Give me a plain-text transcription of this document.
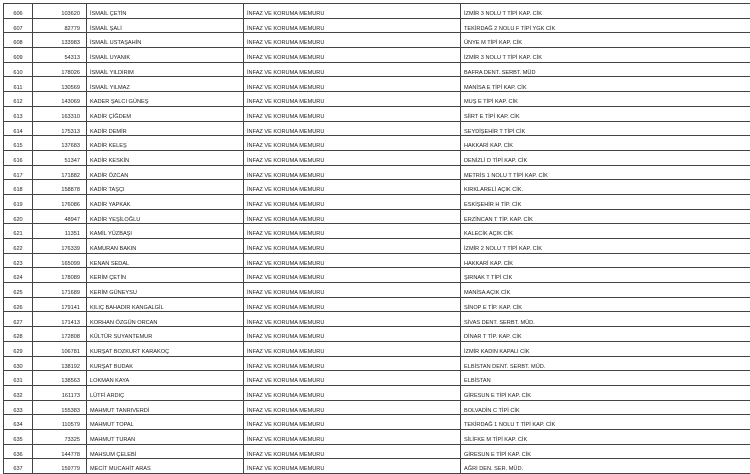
606	103620	İSMAİL ÇETİN	İNFAZ VE KORUMA MEMURU	İZMİR 3 NOLU T TİPİ KAP. CİK
607	82779	İSMAİL ŞALİ	İNFAZ VE KORUMA MEMURU	TEKİRDAĞ 2 NOLU F TİPİ YGK CİK
608	133983	İSMAİL USTAŞAHİN	İNFAZ VE KORUMA MEMURU	ÜNYE M TİPİ KAP. CİK
609	54313	İSMAİL UYANIK	İNFAZ VE KORUMA MEMURU	İZMİR 3 NOLU T TİPİ KAP. CİK
610	178026	İSMAİL YILDIRIM	İNFAZ VE KORUMA MEMURU	BAFRA DENT. SERBT. MÜD
611	130569	İSMAİL YILMAZ	İNFAZ VE KORUMA MEMURU	MANİSA E TİPİ KAP. CİK
612	143069	KADER ŞALCI GÜNEŞ	İNFAZ VE KORUMA MEMURU	MUŞ E TİPİ KAP. CİK
613	163310	KADİR ÇİĞDEM	İNFAZ VE KORUMA MEMURU	SİİRT E TİPİ KAP. CİK
614	175313	KADİR DEMİR	İNFAZ VE KORUMA MEMURU	SEYDİŞEHİR T TİPİ CİK
615	137683	KADİR KELEŞ	İNFAZ VE KORUMA MEMURU	HAKKARİ KAP. CİK
616	51347	KADİR KESKİN	İNFAZ VE KORUMA MEMURU	DENİZLİ D TİPİ KAP. CİK
617	171882	KADİR ÖZCAN	İNFAZ VE KORUMA MEMURU	METRİS 1 NOLU T TİPİ KAP. CİK
618	158878	KADİR TAŞÇI	İNFAZ VE KORUMA MEMURU	KIRKLARELİ AÇIK CİK.
619	176086	KADİR YAPKAK	İNFAZ VE KORUMA MEMURU	ESKİŞEHİR H TİP. CİK
620	48947	KADİR YEŞİLOĞLU	İNFAZ VE KORUMA MEMURU	ERZİNCAN T TİP. KAP. CİK
621	11351	KAMİL YÜZBAŞI	İNFAZ VE KORUMA MEMURU	KALECİK AÇIK CİK
622	176339	KAMURAN BAKIN	İNFAZ VE KORUMA MEMURU	İZMİR 2 NOLU T TİPİ KAP. CİK
623	165099	KENAN SEDAL	İNFAZ VE KORUMA MEMURU	HAKKARİ KAP. CİK
624	178089	KERİM ÇETİN	İNFAZ VE KORUMA MEMURU	ŞIRNAK T TİPİ CİK
625	171689	KERİM GÜNEYSU	İNFAZ VE KORUMA MEMURU	MANİSA AÇIK CİK
626	179141	KILIÇ BAHADIR KANGALGİL	İNFAZ VE KORUMA MEMURU	SİNOP E TİP. KAP. CİK
627	171413	KORHAN ÖZGÜN ORCAN	İNFAZ VE KORUMA MEMURU	SİVAS DENT. SERBT. MÜD.
628	172808	KÜLTÜR SUYANTEMUR	İNFAZ VE KORUMA MEMURU	DİNAR T TİP. KAP. CİK
629	106781	KURŞAT BOZKURT KARAKOÇ	İNFAZ VE KORUMA MEMURU	İZMİR KADIN KAPALI CİK
630	138192	KURŞAT BUDAK	İNFAZ VE KORUMA MEMURU	ELBİSTAN DENT. SERBT. MÜD.
631	138563	LOKMAN KAYA	İNFAZ VE KORUMA MEMURU	ELBİSTAN
632	161173	LÜTFİ ARDIÇ	İNFAZ VE KORUMA MEMURU	GİRESUN E TİPİ KAP. CİK
633	155383	MAHMUT TANRIVERDİ	İNFAZ VE KORUMA MEMURU	BOLVADİN C TİPİ CİK
634	110579	MAHMUT TOPAL	İNFAZ VE KORUMA MEMURU	TEKİRDAĞ 1 NOLU T TİPİ KAP. CİK
635	73325	MAHMUT TURAN	İNFAZ VE KORUMA MEMURU	SİLİFKE M TİPİ KAP. CİK
636	144778	MAHSUM ÇELEBİ	İNFAZ VE KORUMA MEMURU	GİRESUN E TİPİ KAP. CİK
637	159779	MECİT MUCAHİT ARAS	İNFAZ VE KORUMA MEMURU	AĞRI DEN. SER. MÜD.
